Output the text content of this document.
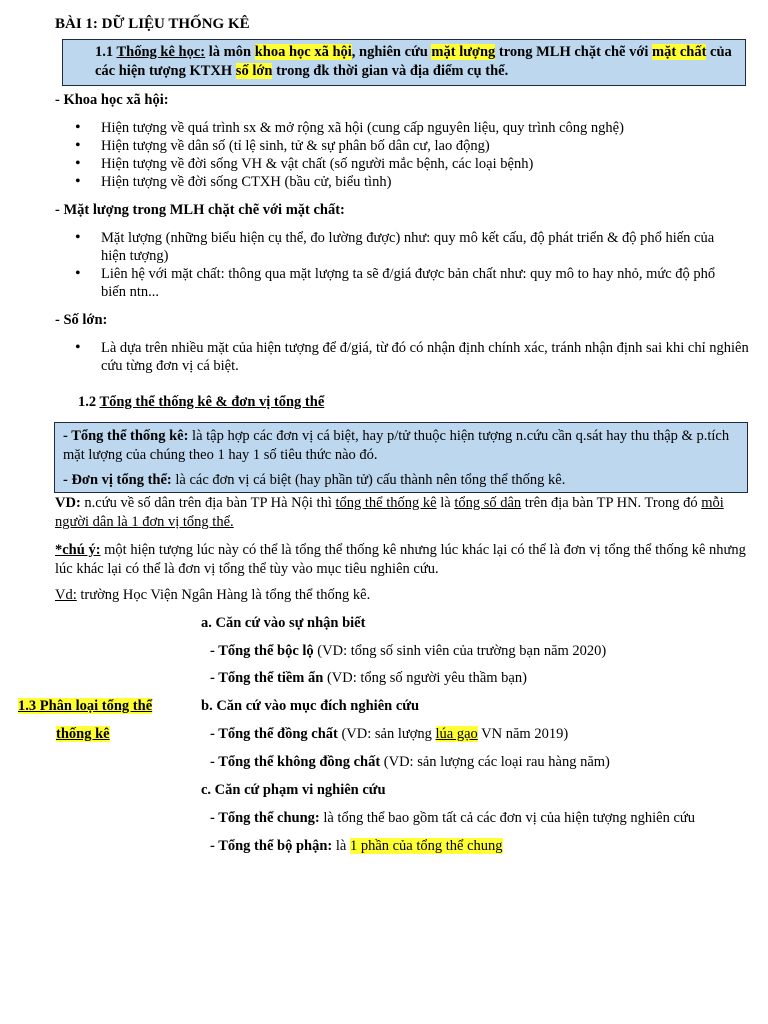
BÀI 1: DỮ LIỆU THỐNG KÊ
1.1 Thống kê học: là môn khoa học xã hội, nghiên cứu mặt lượng trong MLH chặt chẽ với mặt chất của các hiện tượng KTXH số lớn trong đk thời gian và địa điểm cụ thể.
- Khoa học xã hội:
• Hiện tượng về quá trình sx & mở rộng xã hội (cung cấp nguyên liệu, quy trình công nghệ)
• Hiện tượng về dân số (tỉ lệ sinh, tử & sự phân bố dân cư, lao động)
• Hiện tượng về đời sống VH & vật chất (số người mắc bệnh, các loại bệnh)
• Hiện tượng về đời sống CTXH (bầu cử, biểu tình)
- Mặt lượng trong MLH chặt chẽ với mặt chất:
• Mặt lượng (những biểu hiện cụ thể, đo lường được) như: quy mô kết cấu, độ phát triển & độ phổ hiến của hiện tượng)
• Liên hệ với mặt chất: thông qua mặt lượng ta sẽ đ/giá được bản chất như: quy mô to hay nhỏ, mức độ phổ biến ntn...
- Số lớn:
• Là dựa trên nhiều mặt của hiện tượng để đ/giá, từ đó có nhận định chính xác, tránh nhận định sai khi chỉ nghiên cứu từng đơn vị cá biệt.
1.2 Tổng thể thống kê & đơn vị tổng thể
- Tổng thể thống kê: là tập hợp các đơn vị cá biệt, hay p/tử thuộc hiện tượng n.cứu cần q.sát hay thu thập & p.tích mặt lượng của chúng theo 1 hay 1 số tiêu thức nào đó.
- Đơn vị tổng thể: là các đơn vị cá biệt (hay phần tử) cấu thành nên tổng thể thống kê.
VD: n.cứu về số dân trên địa bàn TP Hà Nội thì tổng thể thống kê là tổng số dân trên địa bàn TP HN. Trong đó mỗi người dân là 1 đơn vị tổng thể.
*chú ý: một hiện tượng lúc này có thể là tổng thể thống kê nhưng lúc khác lại có thể là đơn vị tổng thể thống kê nhưng lúc khác lại có thể là đơn vị tổng thể tùy vào mục tiêu nghiên cứu.
Vd: trường Học Viện Ngân Hàng là tổng thể thống kê.
1.3 Phân loại tổng thể
thống kê
a. Căn cứ vào sự nhận biết
- Tổng thể bộc lộ (VD: tổng số sinh viên của trường bạn năm 2020)
- Tổng thể tiềm ẩn (VD: tổng số người yêu thầm bạn)
b. Căn cứ vào mục đích nghiên cứu
- Tổng thể đồng chất (VD: sản lượng lúa gạo VN năm 2019)
- Tổng thể không đồng chất (VD: sản lượng các loại rau hàng năm)
c. Căn cứ phạm vi nghiên cứu
- Tổng thể chung: là tổng thể bao gồm tất cả các đơn vị của hiện tượng nghiên cứu
- Tổng thể bộ phận: là 1 phần của tổng thể chung
